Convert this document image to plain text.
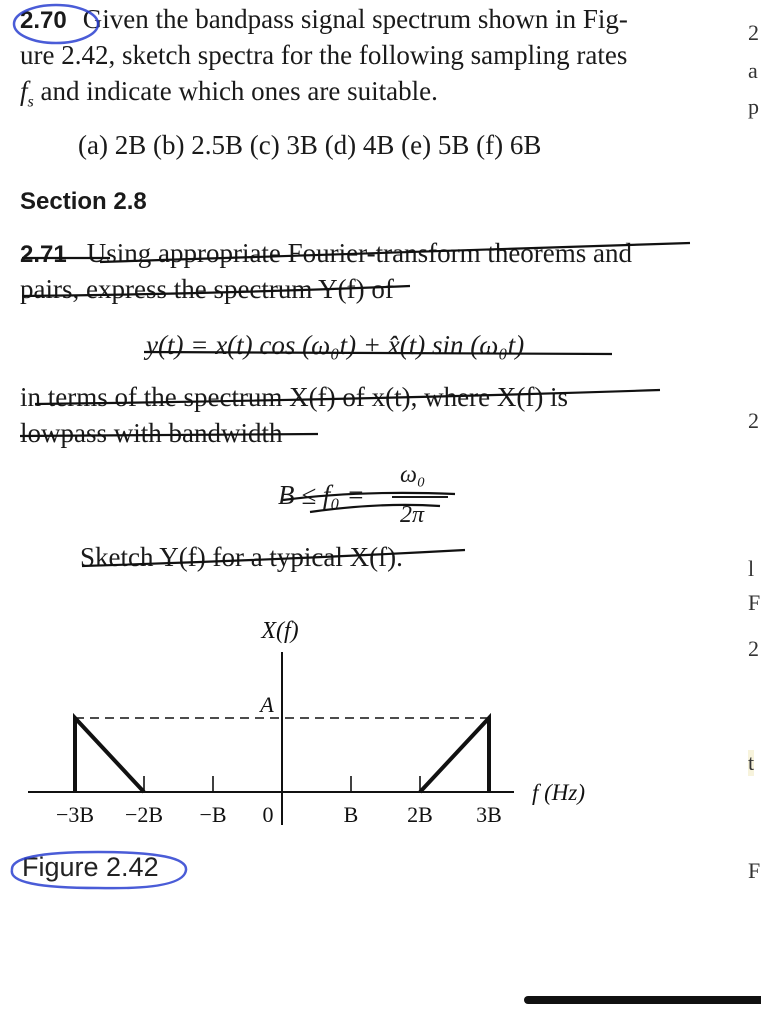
2.70 Given the bandpass signal spectrum shown in Fig-
ure 2.42, sketch spectra for the following sampling rates
$f_s$ and indicate which ones are suitable.
(a) 2B (b) 2.5B (c) 3B (d) 4B (e) 5B (f) 6B
Section 2.8
2.71 Using appropriate Fourier-transform theorems and
pairs, express the spectrum Y(f) of
y(t) = x(t) cos (ω₀t) + x̂(t) sin (ω₀t)
in terms of the spectrum X(f) of x(t), where X(f) is
lowpass with bandwidth
B ≤ f₀ =
ω₀
2π
Sketch Y(f) for a typical X(f).
−3B −2B −B 0	B 2B 3B
X(f)
A
f (Hz)
Figure 2.42
2
a
p
2
l
F
2
t
F
